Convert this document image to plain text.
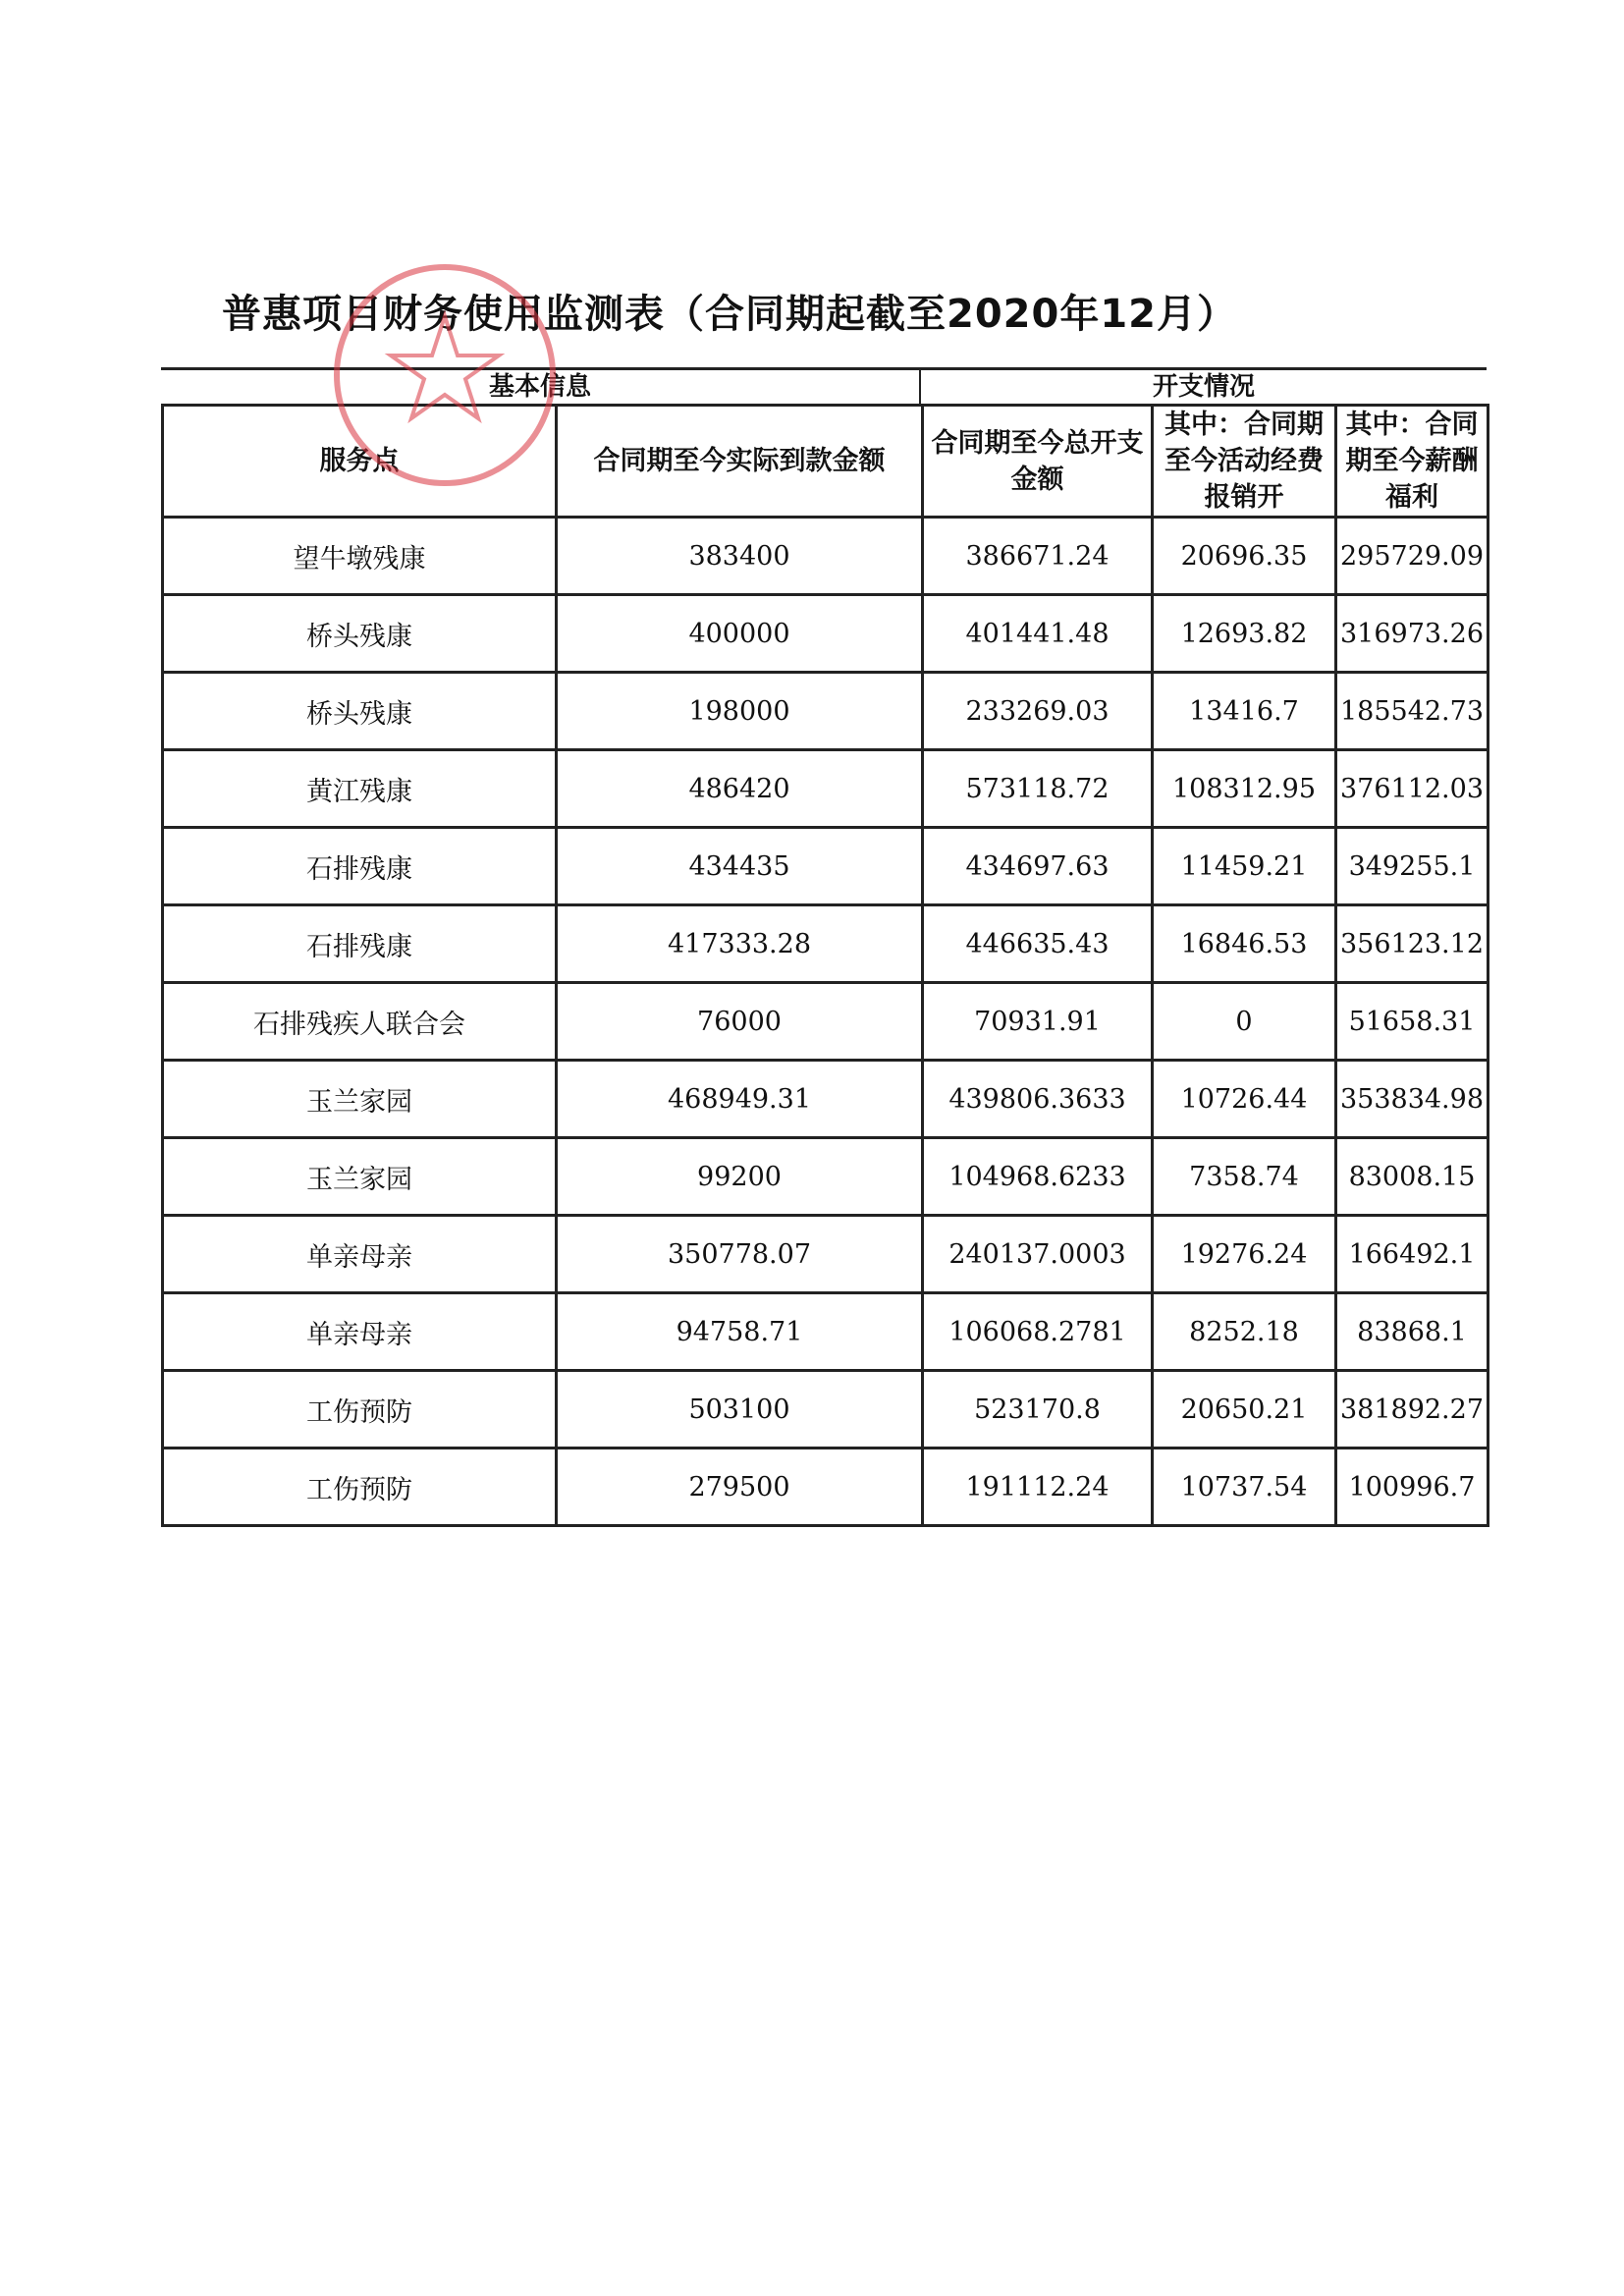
普惠项目财务使用监测表（合同期起截至2020年12月）
基本信息	开支情况
服务点	合同期至今实际到款金额	合同期至今总开支金额	其中：合同期至今活动经费报销开	其中：合同期至今薪酬福利
望牛墩残康	383400	386671.24	20696.35	295729.09
桥头残康	400000	401441.48	12693.82	316973.26
桥头残康	198000	233269.03	13416.7	185542.73
黄江残康	486420	573118.72	108312.95	376112.03
石排残康	434435	434697.63	11459.21	349255.1
石排残康	417333.28	446635.43	16846.53	356123.12
石排残疾人联合会	76000	70931.91	0	51658.31
玉兰家园	468949.31	439806.3633	10726.44	353834.98
玉兰家园	99200	104968.6233	7358.74	83008.15
单亲母亲	350778.07	240137.0003	19276.24	166492.1
单亲母亲	94758.71	106068.2781	8252.18	83868.1
工伤预防	503100	523170.8	20650.21	381892.27
工伤预防	279500	191112.24	10737.54	100996.7
